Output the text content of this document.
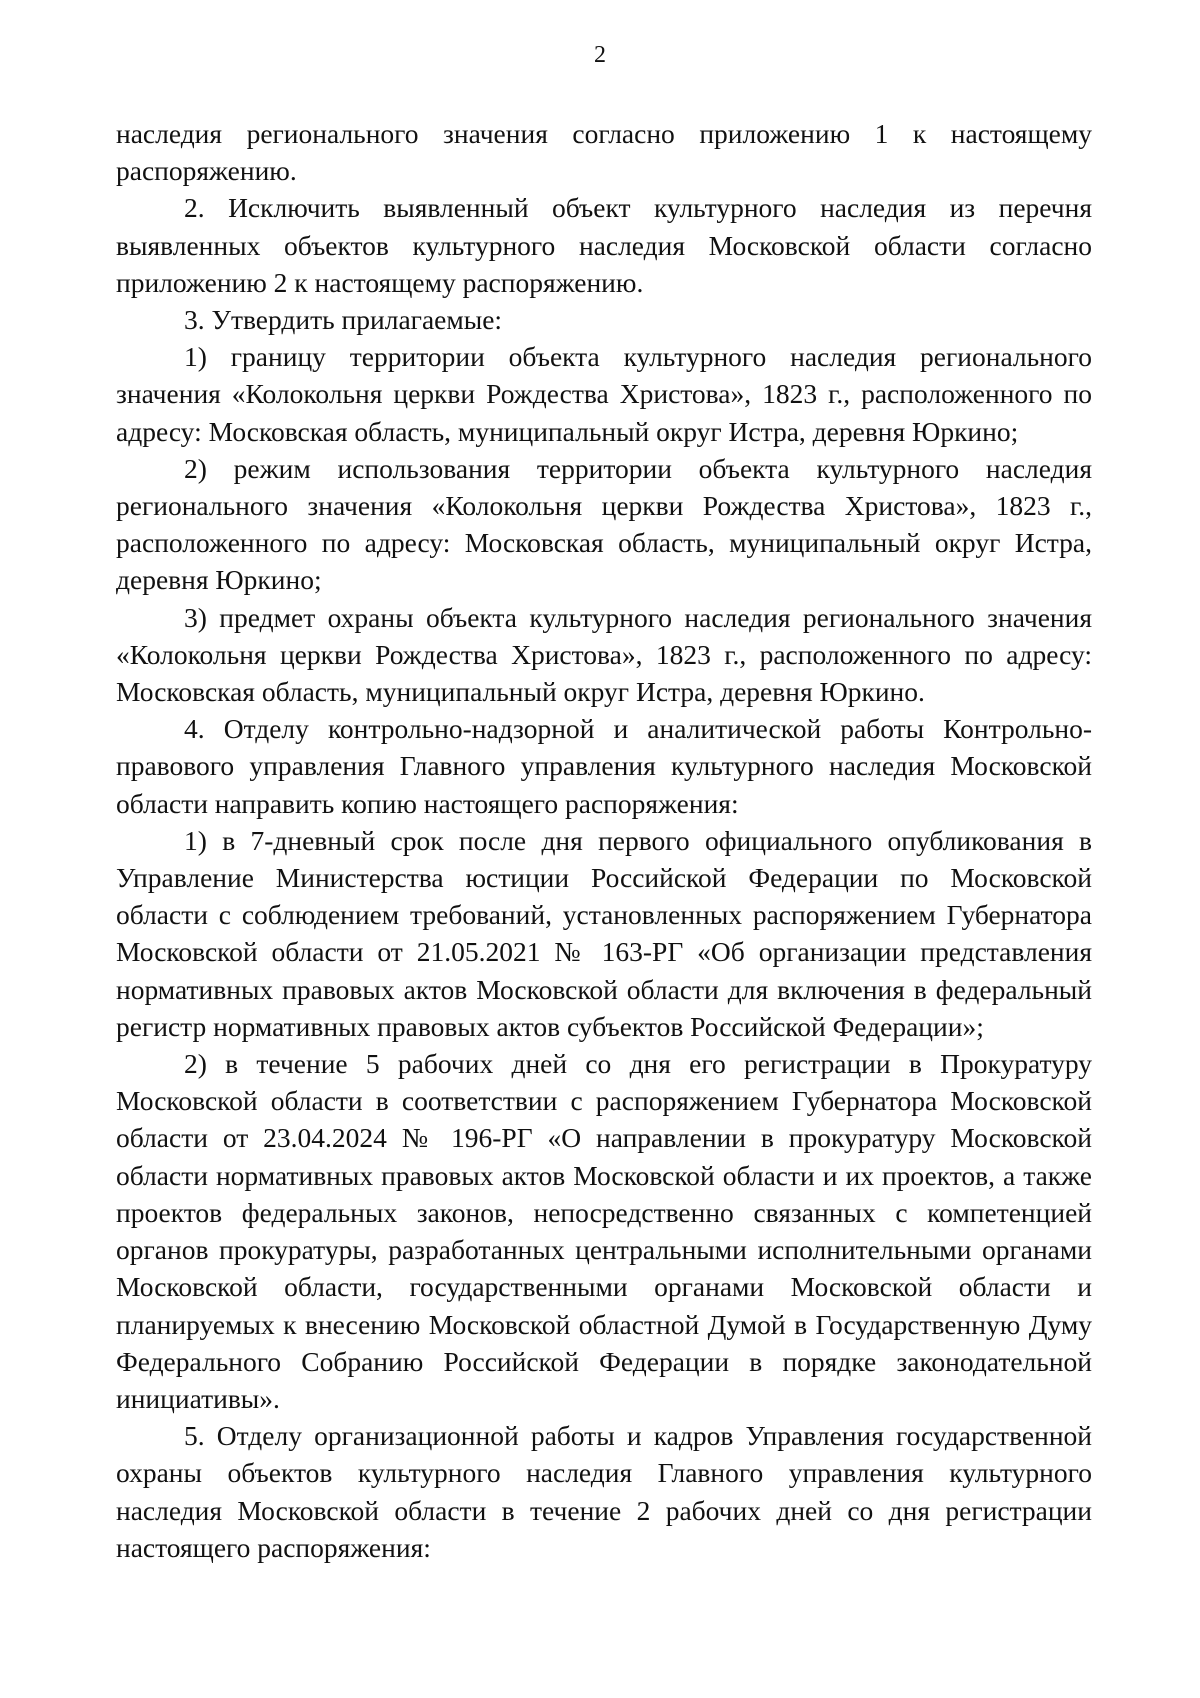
2

наследия регионального значения согласно приложению 1 к настоящему распоряжению.

2. Исключить выявленный объект культурного наследия из перечня выявленных объектов культурного наследия Московской области согласно приложению 2 к настоящему распоряжению.

3. Утвердить прилагаемые:

1) границу территории объекта культурного наследия регионального значения «Колокольня церкви Рождества Христова», 1823 г., расположенного по адресу: Московская область, муниципальный округ Истра, деревня Юркино;

2) режим использования территории объекта культурного наследия регионального значения «Колокольня церкви Рождества Христова», 1823 г., расположенного по адресу: Московская область, муниципальный округ Истра, деревня Юркино;

3) предмет охраны объекта культурного наследия регионального значения «Колокольня церкви Рождества Христова», 1823 г., расположенного по адресу: Московская область, муниципальный округ Истра, деревня Юркино.

4. Отделу контрольно-надзорной и аналитической работы Контрольно-правового управления Главного управления культурного наследия Московской области направить копию настоящего распоряжения:

1) в 7-дневный срок после дня первого официального опубликования в Управление Министерства юстиции Российской Федерации по Московской области с соблюдением требований, установленных распоряжением Губернатора Московской области от 21.05.2021 № 163-РГ «Об организации представления нормативных правовых актов Московской области для включения в федеральный регистр нормативных правовых актов субъектов Российской Федерации»;

2) в течение 5 рабочих дней со дня его регистрации в Прокуратуру Московской области в соответствии с распоряжением Губернатора Московской области от 23.04.2024 № 196-РГ «О направлении в прокуратуру Московской области нормативных правовых актов Московской области и их проектов, а также проектов федеральных законов, непосредственно связанных с компетенцией органов прокуратуры, разработанных центральными исполнительными органами Московской области, государственными органами Московской области и планируемых к внесению Московской областной Думой в Государственную Думу Федерального Собранию Российской Федерации в порядке законодательной инициативы».

5. Отделу организационной работы и кадров Управления государственной охраны объектов культурного наследия Главного управления культурного наследия Московской области в течение 2 рабочих дней со дня регистрации настоящего распоряжения:
